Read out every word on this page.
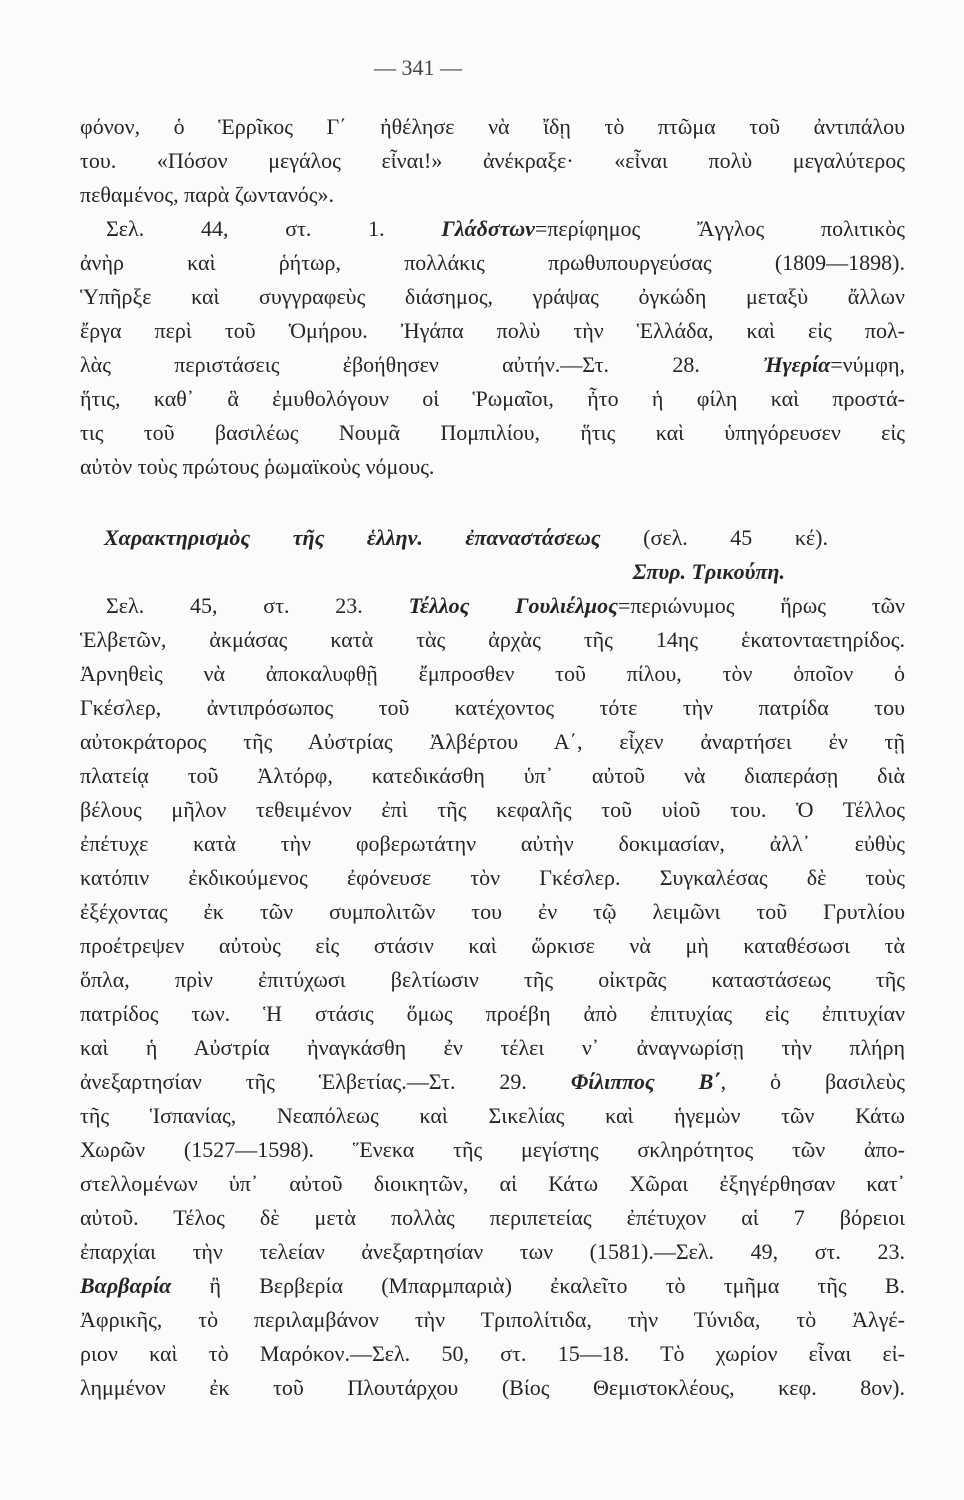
— 341 —
φόνον, ὁ Ἑρρῖκος Γ΄ ἠθέλησε νὰ ἴδῃ τὸ πτῶμα τοῦ ἀντιπάλου
του. «Πόσον μεγάλος εἶναι!» ἀνέκραξε· «εἶναι πολὺ μεγαλύτερος
πεθαμένος, παρὰ ζωντανός».
Σελ. 44, στ. 1. Γλάδστων=περίφημος Ἄγγλος πολιτικὸς
ἀνὴρ καὶ ῥήτωρ, πολλάκις πρωθυπουργεύσας (1809—1898).
Ὑπῆρξε καὶ συγγραφεὺς διάσημος, γράψας ὀγκώδη μεταξὺ ἄλλων
ἔργα περὶ τοῦ Ὁμήρου. Ἠγάπα πολὺ τὴν Ἑλλάδα, καὶ εἰς πολ-
λὰς περιστάσεις ἐβοήθησεν αὐτήν.—Στ. 28. Ἠγερία=νύμφη,
ἥτις, καθ᾽ ἃ ἐμυθολόγουν οἱ Ῥωμαῖοι, ἦτο ἡ φίλη καὶ προστά-
τις τοῦ βασιλέως Νουμᾶ Πομπιλίου, ἥτις καὶ ὑπηγόρευσεν εἰς
αὐτὸν τοὺς πρώτους ῥωμαϊκοὺς νόμους.
Χαρακτηρισμὸς τῆς ἑλλην. ἐπαναστάσεως (σελ. 45 κέ).
Σπυρ. Τρικούπη.
Σελ. 45, στ. 23. Τέλλος Γουλιέλμος=περιώνυμος ἥρως τῶν
Ἑλβετῶν, ἀκμάσας κατὰ τὰς ἀρχὰς τῆς 14ης ἑκατονταετηρίδος.
Ἀρνηθεὶς νὰ ἀποκαλυφθῇ ἔμπροσθεν τοῦ πίλου, τὸν ὁποῖον ὁ
Γκέσλερ, ἀντιπρόσωπος τοῦ κατέχοντος τότε τὴν πατρίδα του
αὐτοκράτορος τῆς Αὐστρίας Ἀλβέρτου Α΄, εἶχεν ἀναρτήσει ἐν τῇ
πλατείᾳ τοῦ Ἀλτόρφ, κατεδικάσθη ὑπ᾽ αὐτοῦ νὰ διαπεράσῃ διὰ
βέλους μῆλον τεθειμένον ἐπὶ τῆς κεφαλῆς τοῦ υἱοῦ του. Ὁ Τέλλος
ἐπέτυχε κατὰ τὴν φοβερωτάτην αὐτὴν δοκιμασίαν, ἀλλ᾽ εὐθὺς
κατόπιν ἐκδικούμενος ἐφόνευσε τὸν Γκέσλερ. Συγκαλέσας δὲ τοὺς
ἐξέχοντας ἐκ τῶν συμπολιτῶν του ἐν τῷ λειμῶνι τοῦ Γρυτλίου
προέτρεψεν αὐτοὺς εἰς στάσιν καὶ ὥρκισε νὰ μὴ καταθέσωσι τὰ
ὅπλα, πρὶν ἐπιτύχωσι βελτίωσιν τῆς οἰκτρᾶς καταστάσεως τῆς
πατρίδος των. Ἡ στάσις ὅμως προέβη ἀπὸ ἐπιτυχίας εἰς ἐπιτυχίαν
καὶ ἡ Αὐστρία ἠναγκάσθη ἐν τέλει ν᾽ ἀναγνωρίσῃ τὴν πλήρη
ἀνεξαρτησίαν τῆς Ἑλβετίας.—Στ. 29. Φίλιππος Β΄, ὁ βασιλεὺς
τῆς Ἱσπανίας, Νεαπόλεως καὶ Σικελίας καὶ ἡγεμὼν τῶν Κάτω
Χωρῶν (1527—1598). Ἕνεκα τῆς μεγίστης σκληρότητος τῶν ἀπο-
στελλομένων ὑπ᾽ αὐτοῦ διοικητῶν, αἱ Κάτω Χῶραι ἐξηγέρθησαν κατ᾽
αὐτοῦ. Τέλος δὲ μετὰ πολλὰς περιπετείας ἐπέτυχον αἱ 7 βόρειοι
ἐπαρχίαι τὴν τελείαν ἀνεξαρτησίαν των (1581).—Σελ. 49, στ. 23.
Βαρβαρία ἢ Βερβερία (Μπαρμπαριὰ) ἐκαλεῖτο τὸ τμῆμα τῆς Β.
Ἀφρικῆς, τὸ περιλαμβάνον τὴν Τριπολίτιδα, τὴν Τύνιδα, τὸ Ἀλγέ-
ριον καὶ τὸ Μαρόκον.—Σελ. 50, στ. 15—18. Τὸ χωρίον εἶναι εἰ-
λημμένον ἐκ τοῦ Πλουτάρχου (Βίος Θεμιστοκλέους, κεφ. 8ον).
